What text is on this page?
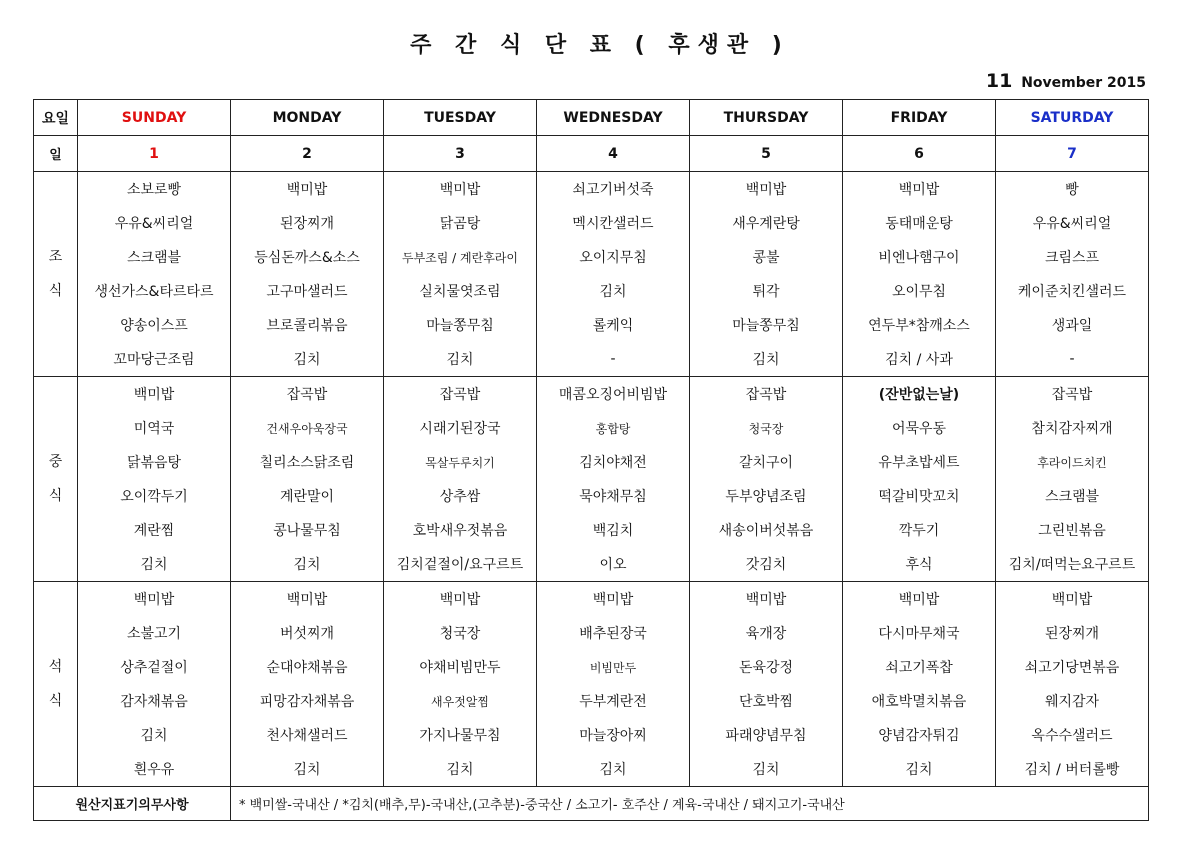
주 간 식 단 표 ( 후생관 )
11 November 2015
요일	SUNDAY	MONDAY	TUESDAY	WEDNESDAY	THURSDAY	FRIDAY	SATURDAY
일	1	2	3	4	5	6	7

조
식	소보로빵	백미밥	백미밥	쇠고기버섯죽	백미밥	백미밥	빵
	우유&씨리얼	된장찌개	닭곰탕	멕시칸샐러드	새우계란탕	동태매운탕	우유&씨리얼
	스크램블	등심돈까스&소스	두부조림 / 계란후라이	오이지무침	콩불	비엔나햄구이	크림스프
	생선가스&타르타르	고구마샐러드	실치물엿조림	김치	튀각	오이무침	케이준치킨샐러드
	양송이스프	브로콜리볶음	마늘쫑무침	롤케익	마늘쫑무침	연두부*참깨소스	생과일
	꼬마당근조림	김치	김치	-	김치	김치 / 사과	-

중
식	백미밥	잡곡밥	잡곡밥	매콤오징어비빔밥	잡곡밥	(잔반없는날)	잡곡밥
	미역국	건새우아욱장국	시래기된장국	홍합탕	청국장	어묵우동	참치감자찌개
	닭볶음탕	칠리소스닭조림	목살두루치기	김치야채전	갈치구이	유부초밥세트	후라이드치킨
	오이깍두기	계란말이	상추쌈	묵야채무침	두부양념조림	떡갈비맛꼬치	스크램블
	계란찜	콩나물무침	호박새우젓볶음	백김치	새송이버섯볶음	깍두기	그린빈볶음
	김치	김치	김치겉절이/요구르트	이오	갓김치	후식	김치/떠먹는요구르트

석
식	백미밥	백미밥	백미밥	백미밥	백미밥	백미밥	백미밥
	소불고기	버섯찌개	청국장	배추된장국	육개장	다시마무채국	된장찌개
	상추겉절이	순대야채볶음	야채비빔만두	비빔만두	돈육강정	쇠고기폭찹	쇠고기당면볶음
	감자채볶음	피망감자채볶음	새우젓알찜	두부계란전	단호박찜	애호박멸치볶음	웨지감자
	김치	천사채샐러드	가지나물무침	마늘장아찌	파래양념무침	양념감자튀김	옥수수샐러드
	흰우유	김치	김치	김치	김치	김치	김치 / 버터롤빵
원산지표기의무사항		* 백미쌀-국내산 / *김치(배추,무)-국내산,(고추분)-중국산 / 소고기- 호주산 / 계육-국내산 / 돼지고기-국내산					
